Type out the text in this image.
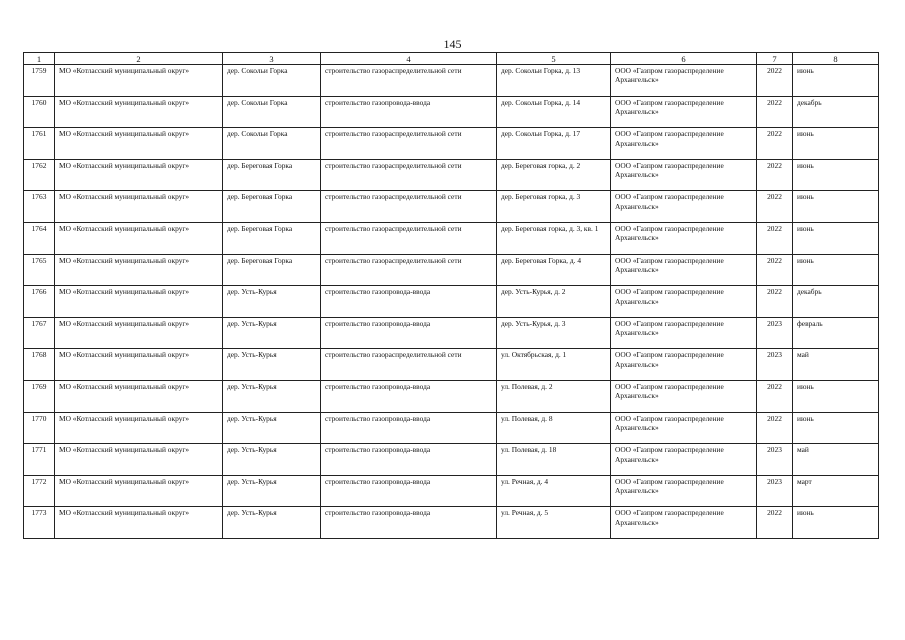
145
1	2	3	4	5	6	7	8
1759	МО «Котласский муниципальный округ»	дер. Сокольи Горка	строительство газораспределительной сети	дер. Сокольи Горка, д. 13	ООО «Газпром газораспределение Архангельск»	2022	июнь
1760	МО «Котласский муниципальный округ»	дер. Сокольи Горка	строительство газопровода-ввода	дер. Сокольи Горка, д. 14	ООО «Газпром газораспределение Архангельск»	2022	декабрь
1761	МО «Котласский муниципальный округ»	дер. Сокольи Горка	строительство газораспределительной сети	дер. Сокольи Горка, д. 17	ООО «Газпром газораспределение Архангельск»	2022	июнь
1762	МО «Котласский муниципальный округ»	дер. Береговая Горка	строительство газораспределительной сети	дер. Береговая горка, д. 2	ООО «Газпром газораспределение Архангельск»	2022	июнь
1763	МО «Котласский муниципальный округ»	дер. Береговая Горка	строительство газораспределительной сети	дер. Береговая горка, д. 3	ООО «Газпром газораспределение Архангельск»	2022	июнь
1764	МО «Котласский муниципальный округ»	дер. Береговая Горка	строительство газораспределительной сети	дер. Береговая горка, д. 3, кв. 1	ООО «Газпром газораспределение Архангельск»	2022	июнь
1765	МО «Котласский муниципальный округ»	дер. Береговая Горка	строительство газораспределительной сети	дер. Береговая Горка, д. 4	ООО «Газпром газораспределение Архангельск»	2022	июнь
1766	МО «Котласский муниципальный округ»	дер. Усть-Курья	строительство газопровода-ввода	дер. Усть-Курья, д. 2	ООО «Газпром газораспределение Архангельск»	2022	декабрь
1767	МО «Котласский муниципальный округ»	дер. Усть-Курья	строительство газопровода-ввода	дер. Усть-Курья, д. 3	ООО «Газпром газораспределение Архангельск»	2023	февраль
1768	МО «Котласский муниципальный округ»	дер. Усть-Курья	строительство газораспределительной сети	ул. Октябрьская, д. 1	ООО «Газпром газораспределение Архангельск»	2023	май
1769	МО «Котласский муниципальный округ»	дер. Усть-Курья	строительство газопровода-ввода	ул. Полевая, д. 2	ООО «Газпром газораспределение Архангельск»	2022	июнь
1770	МО «Котласский муниципальный округ»	дер. Усть-Курья	строительство газопровода-ввода	ул. Полевая, д. 8	ООО «Газпром газораспределение Архангельск»	2022	июнь
1771	МО «Котласский муниципальный округ»	дер. Усть-Курья	строительство газопровода-ввода	ул. Полевая, д. 18	ООО «Газпром газораспределение Архангельск»	2023	май
1772	МО «Котласский муниципальный округ»	дер. Усть-Курья	строительство газопровода-ввода	ул. Речная, д. 4	ООО «Газпром газораспределение Архангельск»	2023	март
1773	МО «Котласский муниципальный округ»	дер. Усть-Курья	строительство газопровода-ввода	ул. Речная, д. 5	ООО «Газпром газораспределение Архангельск»	2022	июнь
